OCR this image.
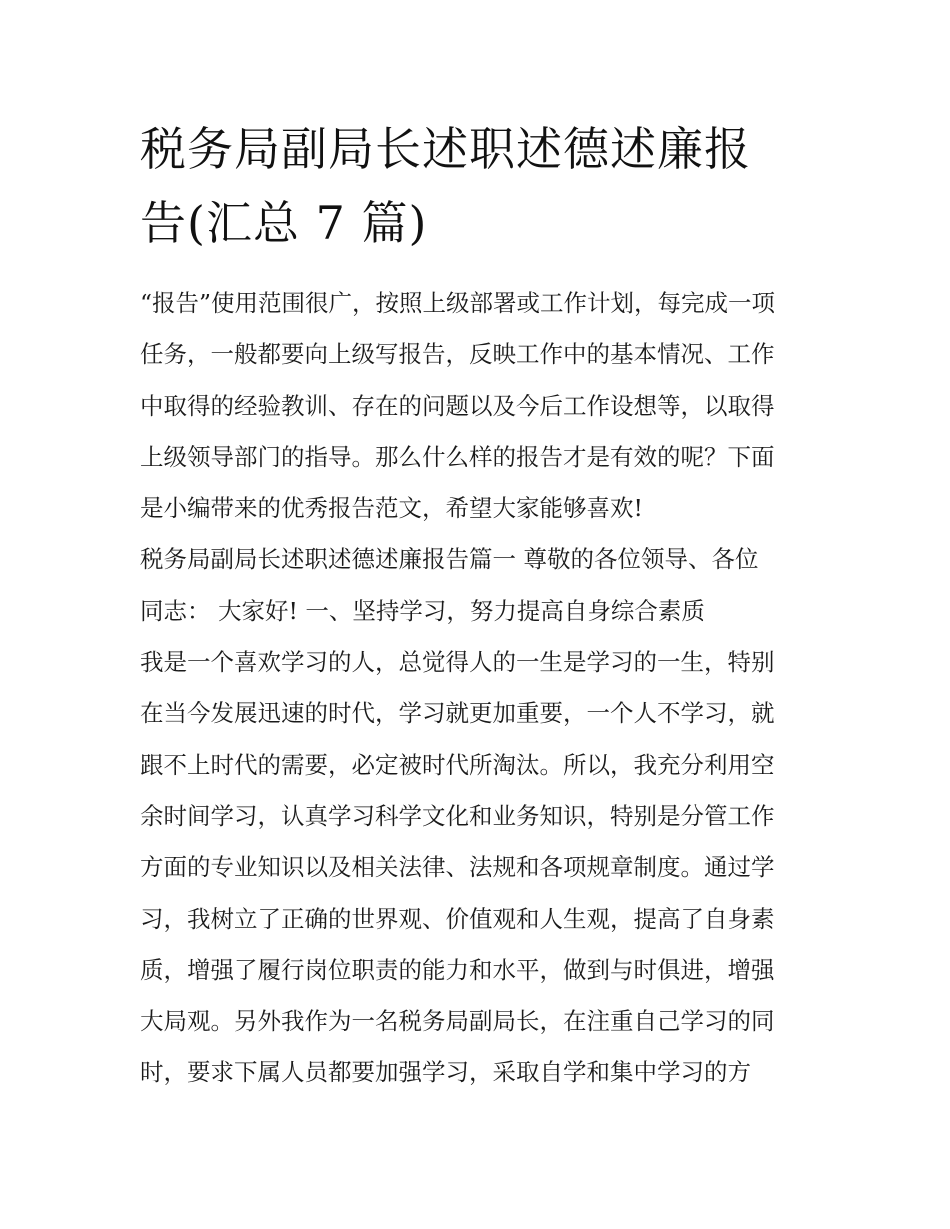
税务局副局长述职述德述廉报
告(汇总 7 篇)
“报告”使用范围很广，按照上级部署或工作计划，每完成一项
任务，一般都要向上级写报告，反映工作中的基本情况、工作
中取得的经验教训、存在的问题以及今后工作设想等，以取得
上级领导部门的指导。那么什么样的报告才是有效的呢？下面
是小编带来的优秀报告范文，希望大家能够喜欢!
税务局副局长述职述德述廉报告篇一 尊敬的各位领导、各位
同志： 大家好! 一、坚持学习，努力提高自身综合素质
我是一个喜欢学习的人，总觉得人的一生是学习的一生，特别
在当今发展迅速的时代，学习就更加重要，一个人不学习，就
跟不上时代的需要，必定被时代所淘汰。所以，我充分利用空
余时间学习，认真学习科学文化和业务知识，特别是分管工作
方面的专业知识以及相关法律、法规和各项规章制度。通过学
习，我树立了正确的世界观、价值观和人生观，提高了自身素
质，增强了履行岗位职责的能力和水平，做到与时俱进，增强
大局观。另外我作为一名税务局副局长，在注重自己学习的同
时，要求下属人员都要加强学习，采取自学和集中学习的方
